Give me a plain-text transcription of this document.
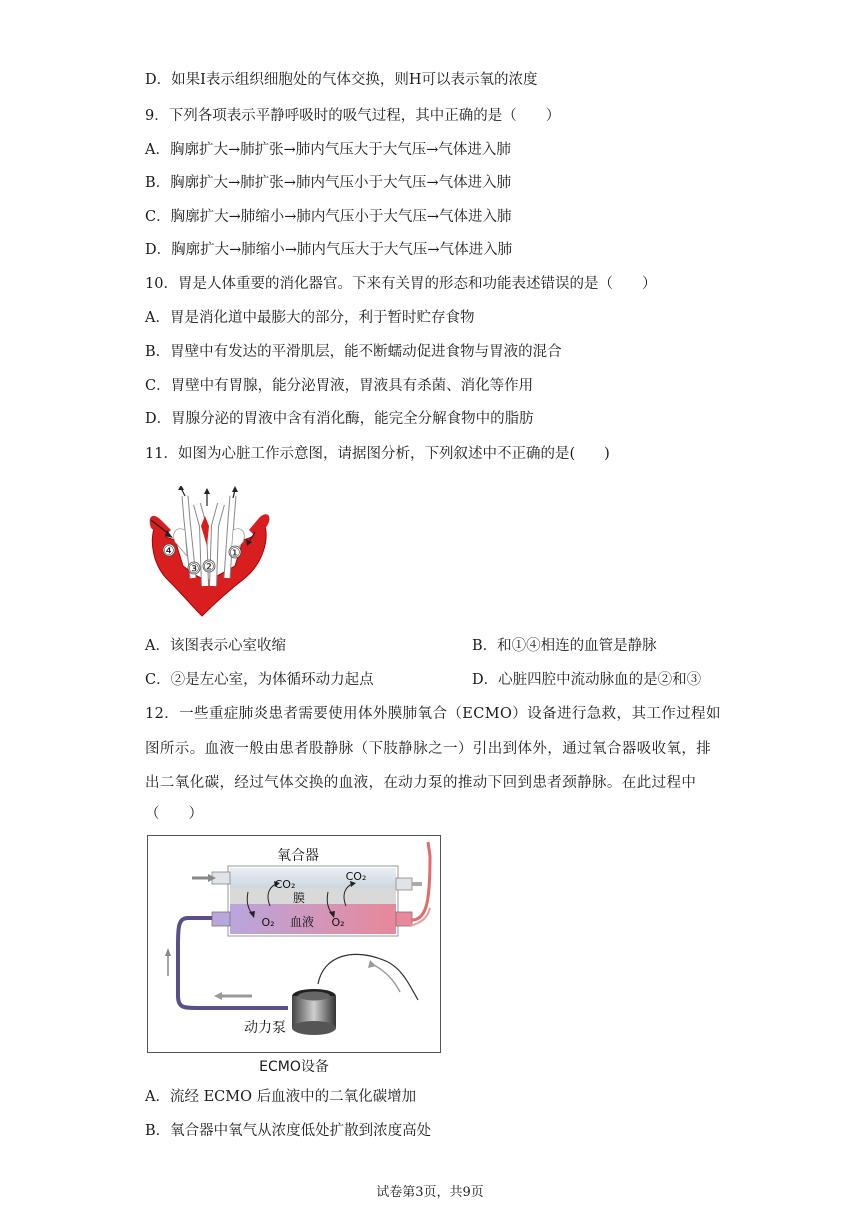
D．如果I表示组织细胞处的气体交换，则H可以表示氧的浓度
9．下列各项表示平静呼吸时的吸气过程，其中正确的是（　　）
A．胸廓扩大→肺扩张→肺内气压大于大气压→气体进入肺
B．胸廓扩大→肺扩张→肺内气压小于大气压→气体进入肺
C．胸廓扩大→肺缩小→肺内气压小于大气压→气体进入肺
D．胸廓扩大→肺缩小→肺内气压大于大气压→气体进入肺
10．胃是人体重要的消化器官。下来有关胃的形态和功能表述错误的是（　　）
A．胃是消化道中最膨大的部分，利于暂时贮存食物
B．胃壁中有发达的平滑肌层，能不断蠕动促进食物与胃液的混合
C．胃壁中有胃腺，能分泌胃液，胃液具有杀菌、消化等作用
D．胃腺分泌的胃液中含有消化酶，能完全分解食物中的脂肪
11．如图为心脏工作示意图，请据图分析，下列叙述中不正确的是(　　)
④	①
③ ②
A．该图表示心室收缩	B．和①④相连的血管是静脉
C．②是左心室，为体循环动力起点	D．心脏四腔中流动脉血的是②和③
12．一些重症肺炎患者需要使用体外膜肺氧合（ECMO）设备进行急救，其工作过程如
图所示。血液一般由患者股静脉（下肢静脉之一）引出到体外，通过氧合器吸收氧，排
出二氧化碳，经过气体交换的血液，在动力泵的推动下回到患者颈静脉。在此过程中
（　　）
氧合器
CO₂
CO₂
膜
O₂ 血液 O₂
动力泵
ECMO设备
A．流经 ECMO 后血液中的二氧化碳增加
B．氧合器中氧气从浓度低处扩散到浓度高处
试卷第3页，共9页
